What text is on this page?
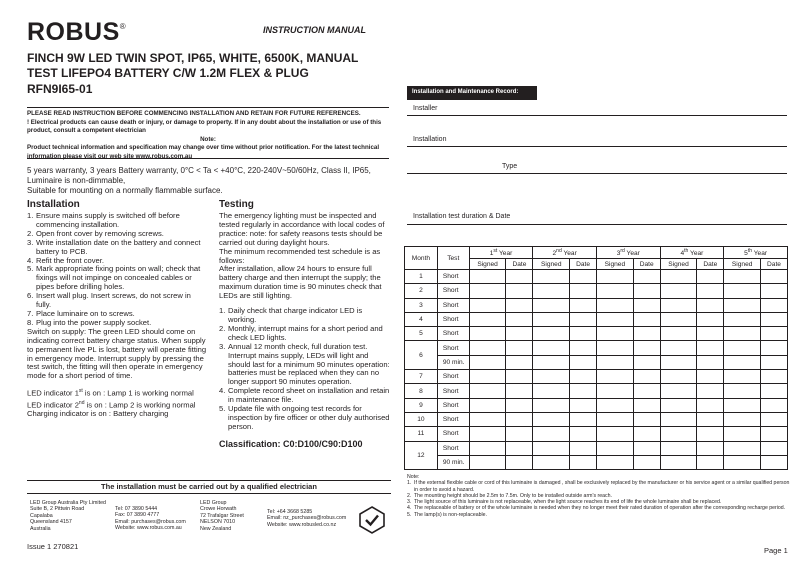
ROBUS®	INSTRUCTION MANUAL
FINCH 9W LED TWIN SPOT, IP65, WHITE, 6500K, MANUAL
TEST LIFEPO4 BATTERY C/W 1.2M FLEX & PLUG
RFN9I65-01
PLEASE READ INSTRUCTION BEFORE COMMENCING INSTALLATION AND RETAIN FOR FUTURE REFERENCES.
! Electrical products can cause death or injury, or damage to property. If in any doubt about the installation or use of this product, consult a competent electrician
Note:
Product technical information and specification may change over time without prior notification. For the latest technical information please visit our web site www.robus.com.au
5 years warranty, 3 years Battery warranty, 0°C < Ta < +40°C, 220-240V~50/60Hz, Class II, IP65,
Luminaire is non-dimmable,
Suitable for mounting on a normally flammable surface.
Installation	Testing
1. Ensure mains supply is switched off before commencing installation.
2. Open front cover by removing screws.
3. Write installation date on the battery and connect battery to PCB.
4. Refit the front cover.
5. Mark appropriate fixing points on wall; check that fixings will not impinge on concealed cables or pipes before drilling holes.
6. Insert wall plug. Insert screws, do not screw in fully.
7. Place luminaire on to screws.
8. Plug into the power supply socket.
Switch on supply: The green LED should come on indicating correct battery charge status. When supply to permanent live PL is lost, battery will operate fitting in emergency mode. Interrupt supply by pressing the test switch, the fitting will then operate in emergency mode for a short period of time.
LED indicator 1st is on : Lamp 1 is working normal
LED indicator 2nd is on : Lamp 2 is working normal
Charging indicator is on : Battery charging
The emergency lighting must be inspected and tested regularly in accordance with local codes of practice: note: for safety reasons tests should be carried out during daylight hours.
The minimum recommended test schedule is as follows:
After installation, allow 24 hours to ensure full battery charge and then interrupt the supply; the maximum duration time is 90 minutes check that LEDs are still lighting.
1. Daily check that charge indicator LED is working.
2. Monthly, interrupt mains for a short period and check LED lights.
3. Annual 12 month check, full duration test. Interrupt mains supply, LEDs will light and should last for a minimum 90 minutes operation: batteries must be replaced when they can no longer support 90 minutes operation.
4. Complete record sheet on installation and retain in maintenance file.
5. Update file with ongoing test records for inspection by fire officer or other duly authorised person.
Classification: C0:D100/C90:D100
The installation must be carried out by a qualified electrician
LED Group Australia Pty Limited
Suite B, 2 Pittwin Road
Capalaba
Queensland 4157
Australia
Tel: 07 3890 5444
Fax: 07 3890 4777
Email: purchases@robus.com
Website: www.robus.com.au
LED Group
Crowe Horwath
72 Trafalgar Street
NELSON 7010
New Zealand
Tel: +64 3668 5285
Email: nz_purchases@robus.com
Website: www.robusled.co.nz
Issue 1 270821	Page 1
Installation and Maintenance Record:
Installer
Installation
Type
Installation test duration & Date
Month	Test	1st Year		2nd Year		3rd Year		4th Year		5th Year	
		Signed	Date	Signed	Date	Signed	Date	Signed	Date	Signed	Date
1	Short										
2	Short										
3	Short										
4	Short										
5	Short										
6	Short										
	90 min.										
7	Short										
8	Short										
9	Short										
10	Short										
11	Short										
12	Short										
	90 min.										
Note:
1. If the external flexible cable or cord of this luminaire is damaged , shall be exclusively replaced by the manufacturer or his service agent or a similar qualified person in order to avoid a hazard.
2. The mounting height should be 2.5m to 7.5m. Only to be installed outside arm's reach.
3. The light source of this luminaire is not replaceable, when the light source reaches its end of life the whole luminaire shall be replaced.
4. The replaceable of battery or of the whole luminaire is needed when they no longer meet their rated duration of operation after the corresponding recharge period.
5. The lamp(s) is non-replaceable.
